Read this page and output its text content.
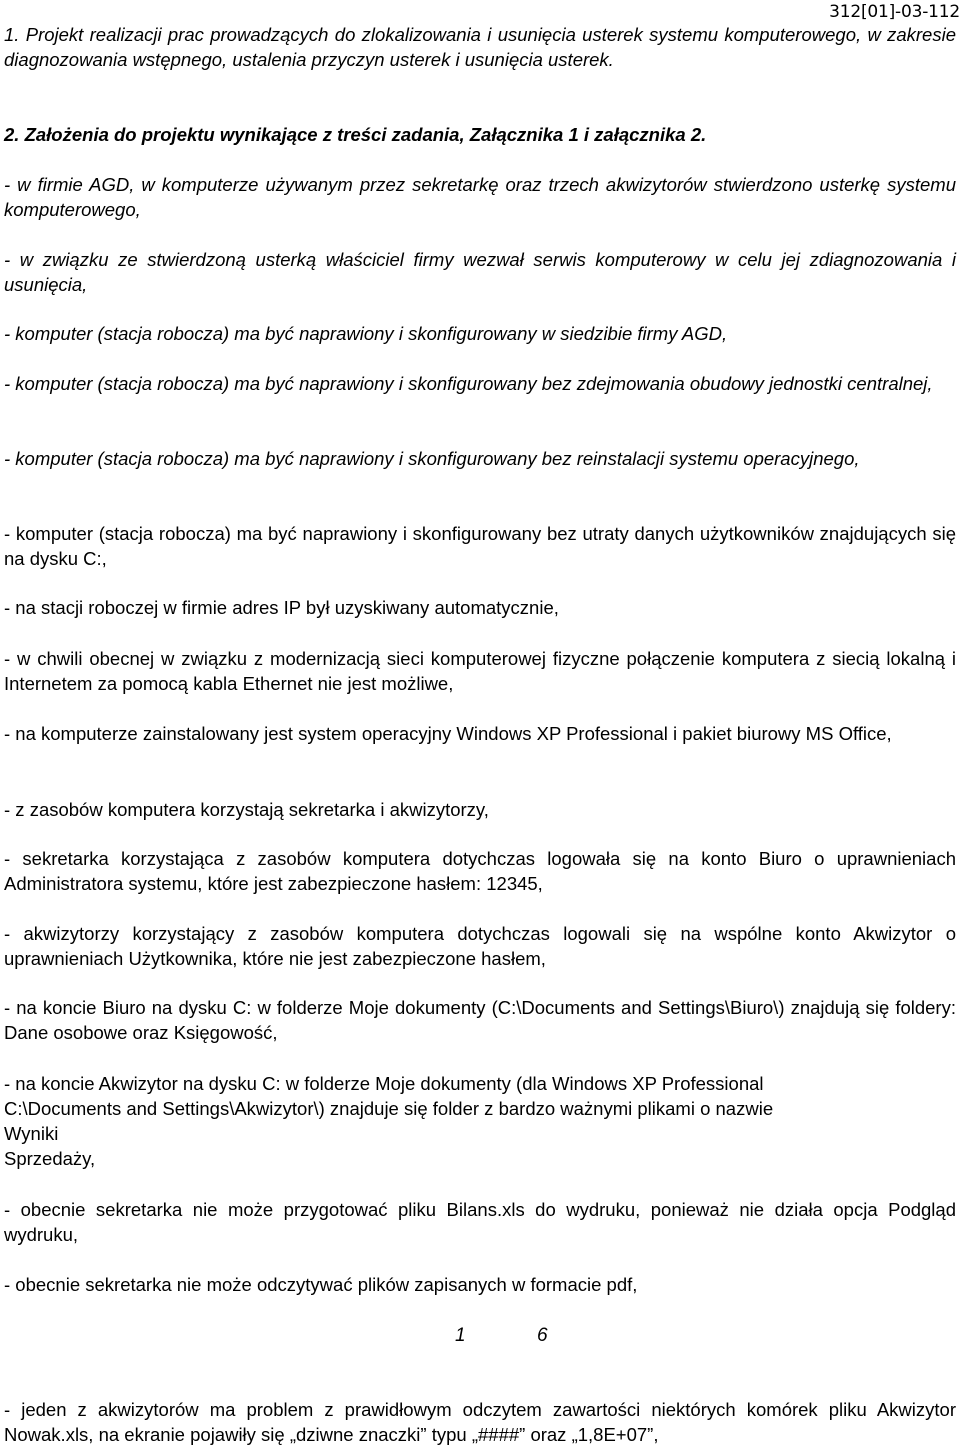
312[01]-03-112
1. Projekt realizacji prac prowadzących do zlokalizowania i usunięcia usterek systemu komputerowego, w zakresie diagnozowania wstępnego, ustalenia przyczyn usterek i usunięcia usterek.
2. Założenia do projektu wynikające z treści zadania, Załącznika 1 i załącznika 2.
- w firmie AGD, w komputerze używanym przez sekretarkę oraz trzech akwizytorów stwierdzono usterkę systemu komputerowego,
- w związku ze stwierdzoną usterką właściciel firmy wezwał serwis komputerowy w celu jej zdiagnozowania i usunięcia,
- komputer (stacja robocza) ma być naprawiony i skonfigurowany w siedzibie firmy AGD,
- komputer (stacja robocza) ma być naprawiony i skonfigurowany bez zdejmowania obudowy jednostki centralnej,
- komputer (stacja robocza) ma być naprawiony i skonfigurowany bez reinstalacji systemu operacyjnego,
- komputer (stacja robocza) ma być naprawiony i skonfigurowany bez utraty danych użytkowników znajdujących się na dysku C:,
- na stacji roboczej w firmie adres IP był uzyskiwany automatycznie,
- w chwili obecnej w związku z modernizacją sieci komputerowej fizyczne połączenie komputera z siecią lokalną i Internetem za pomocą kabla Ethernet nie jest możliwe,
- na komputerze zainstalowany jest system operacyjny Windows XP Professional i pakiet biurowy MS Office,
- z zasobów komputera korzystają sekretarka i akwizytorzy,
- sekretarka korzystająca z zasobów komputera dotychczas logowała się na konto Biuro o uprawnieniach Administratora systemu, które jest zabezpieczone hasłem: 12345,
- akwizytorzy korzystający z zasobów komputera dotychczas logowali się na wspólne konto Akwizytor o uprawnieniach Użytkownika, które nie jest zabezpieczone hasłem,
- na koncie Biuro na dysku C: w folderze Moje dokumenty (C:\Documents and Settings\Biuro\) znajdują się foldery: Dane osobowe oraz Księgowość,
- na koncie Akwizytor na dysku C: w folderze Moje dokumenty (dla Windows XP Professional
C:\Documents and Settings\Akwizytor\) znajduje się folder z bardzo ważnymi plikami o nazwie
Wyniki
Sprzedaży,
- obecnie sekretarka nie może przygotować pliku Bilans.xls do wydruku, ponieważ nie działa opcja Podgląd wydruku,
- obecnie sekretarka nie może odczytywać plików zapisanych w formacie pdf,
1	6
- jeden z akwizytorów ma problem z prawidłowym odczytem zawartości niektórych komórek pliku Akwizytor Nowak.xls, na ekranie pojawiły się „dziwne znaczki” typu „####” oraz „1,8E+07”,
